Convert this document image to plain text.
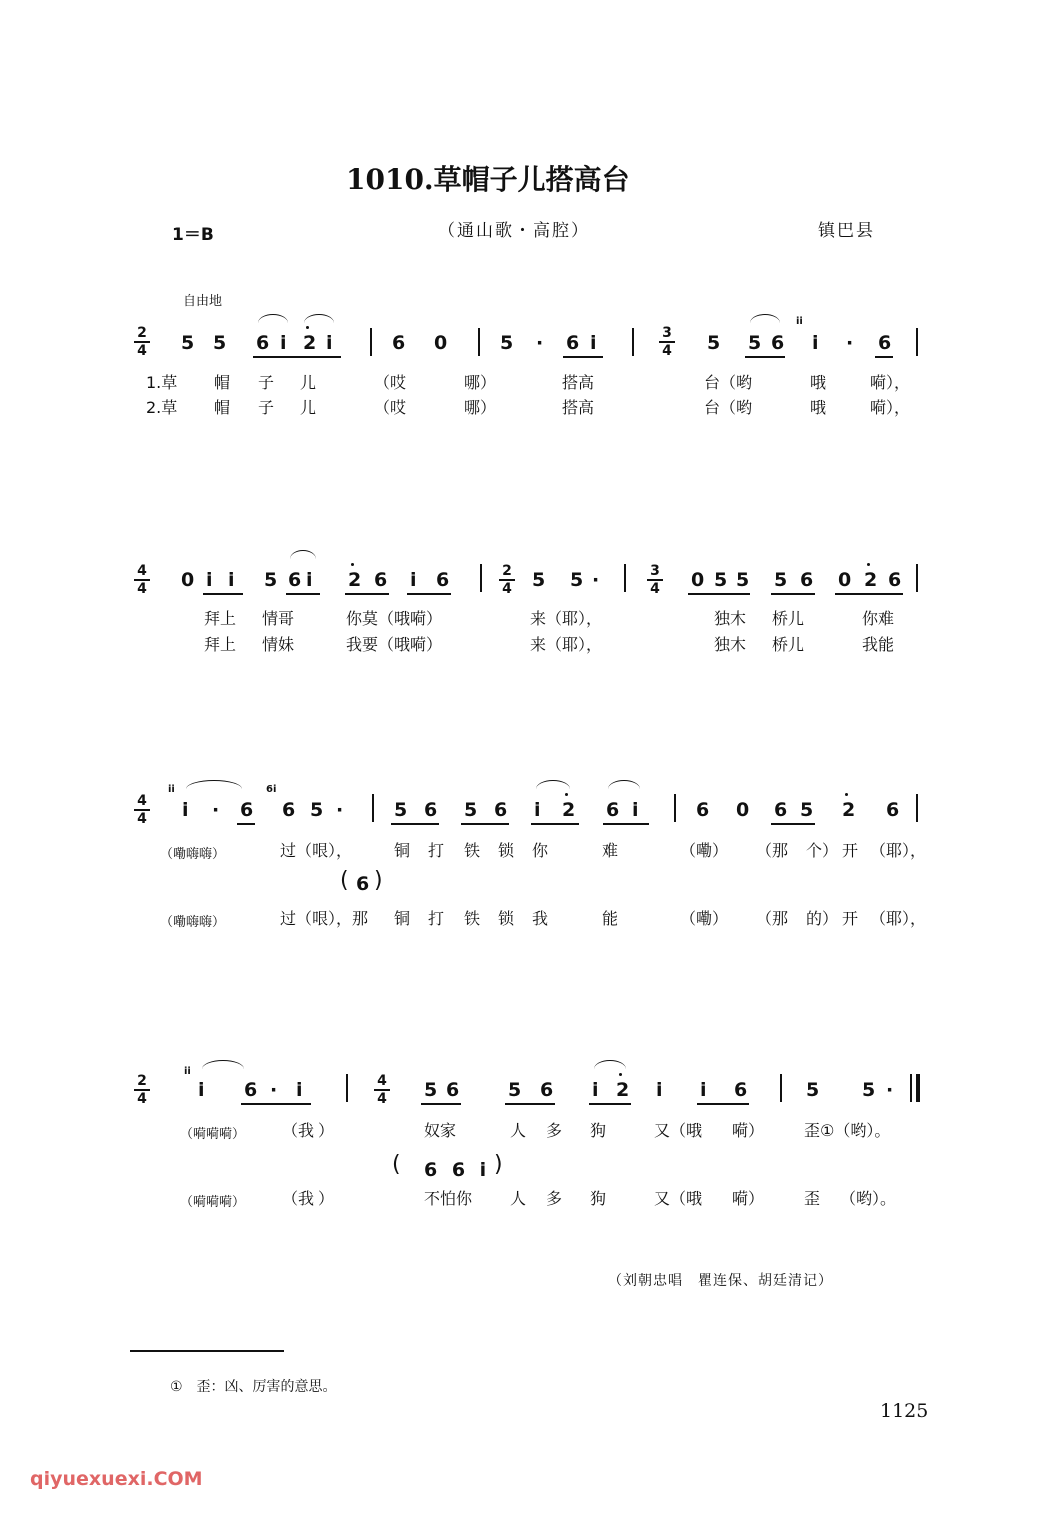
1010.草帽子儿搭高台
1＝B	（通山歌・高腔）	镇巴县
自由地
2
4 5 5 6 i 2 i	6 0	5 · 6 i	3
4 5 5 6
ii
i · 6
1.草 帽 子 儿	（哎	哪）	搭高	台（哟	哦	嗬），
2.草 帽 子 儿	（哎	哪）	搭高	台（哟	哦	嗬），
4
4 0 i i 5 6 i 2 6 i 6	2
4 5 5 ·	3
4 0 5 5 5 6 0 2 6
拜上 情哥	你莫（哦嗬）	来（耶），	独木 桥儿	你难
拜上 情妹	我要（哦嗬）	来（耶），	独木 桥儿	我能
4
4
ii
i · 6
6i
6 5 ·	5 6 5 6 i 2 6 i	6 0 6 5 2 6
（嘞嗨嗨）	过（哏），	铜 打 铁 锁 你	难	（嘞） （那 个） 开 （耶），
( 6 )
（嘞嗨嗨）	过（哏），那 铜 打 铁 锁 我	能	（嘞） （那 的） 开 （耶），
2
4
ii
i 6 · i	4
4 5 6	5 6 i 2 i i 6	5 5 ·
（嗬嗬嗬） （我 ）	奴家	人 多 狗	又（哦 嗬） 歪①（哟）。
( 6 6 i )
（嗬嗬嗬） （我 ）	不怕你 人 多 狗	又（哦 嗬） 歪 （哟）。
（刘朝忠唱　瞿连保、胡廷清记）
①　歪：凶、厉害的意思。
1125
qiyuexuexi.COM
